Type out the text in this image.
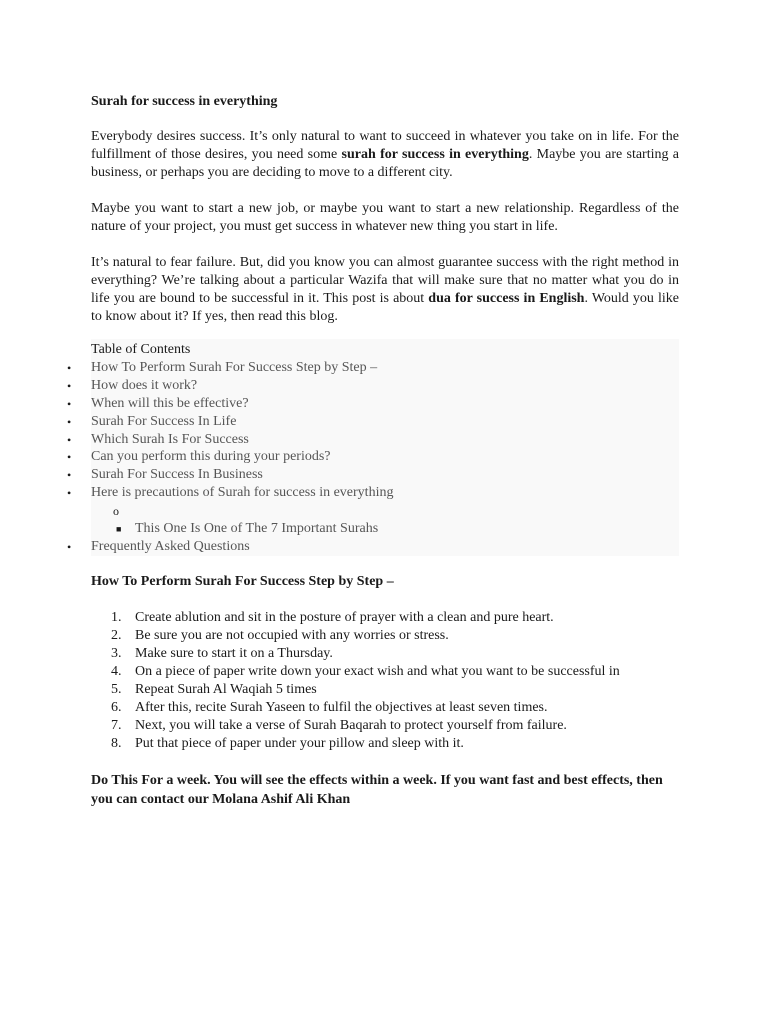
Surah for success in everything

Everybody desires success. It’s only natural to want to succeed in whatever you take on in life. For the fulfillment of those desires, you need some surah for success in everything. Maybe you are starting a business, or perhaps you are deciding to move to a different city.

Maybe you want to start a new job, or maybe you want to start a new relationship. Regardless of the nature of your project, you must get success in whatever new thing you start in life.

It’s natural to fear failure. But, did you know you can almost guarantee success with the right method in everything? We’re talking about a particular Wazifa that will make sure that no matter what you do in life you are bound to be successful in it. This post is about dua for success in English. Would you like to know about it? If yes, then read this blog.

Table of Contents
• How To Perform Surah For Success Step by Step –
• How does it work?
• When will this be effective?
• Surah For Success In Life
• Which Surah Is For Success
• Can you perform this during your periods?
• Surah For Success In Business
• Here is precautions of Surah for success in everything
o
■ This One Is One of The 7 Important Surahs
• Frequently Asked Questions
How To Perform Surah For Success Step by Step –
1. Create ablution and sit in the posture of prayer with a clean and pure heart.
2. Be sure you are not occupied with any worries or stress.
3. Make sure to start it on a Thursday.
4. On a piece of paper write down your exact wish and what you want to be successful in
5. Repeat Surah Al Waqiah 5 times
6. After this, recite Surah Yaseen to fulfil the objectives at least seven times.
7. Next, you will take a verse of Surah Baqarah to protect yourself from failure.
8. Put that piece of paper under your pillow and sleep with it.

Do This For a week. You will see the effects within a week. If you want fast and best effects, then you can contact our Molana Ashif Ali Khan
